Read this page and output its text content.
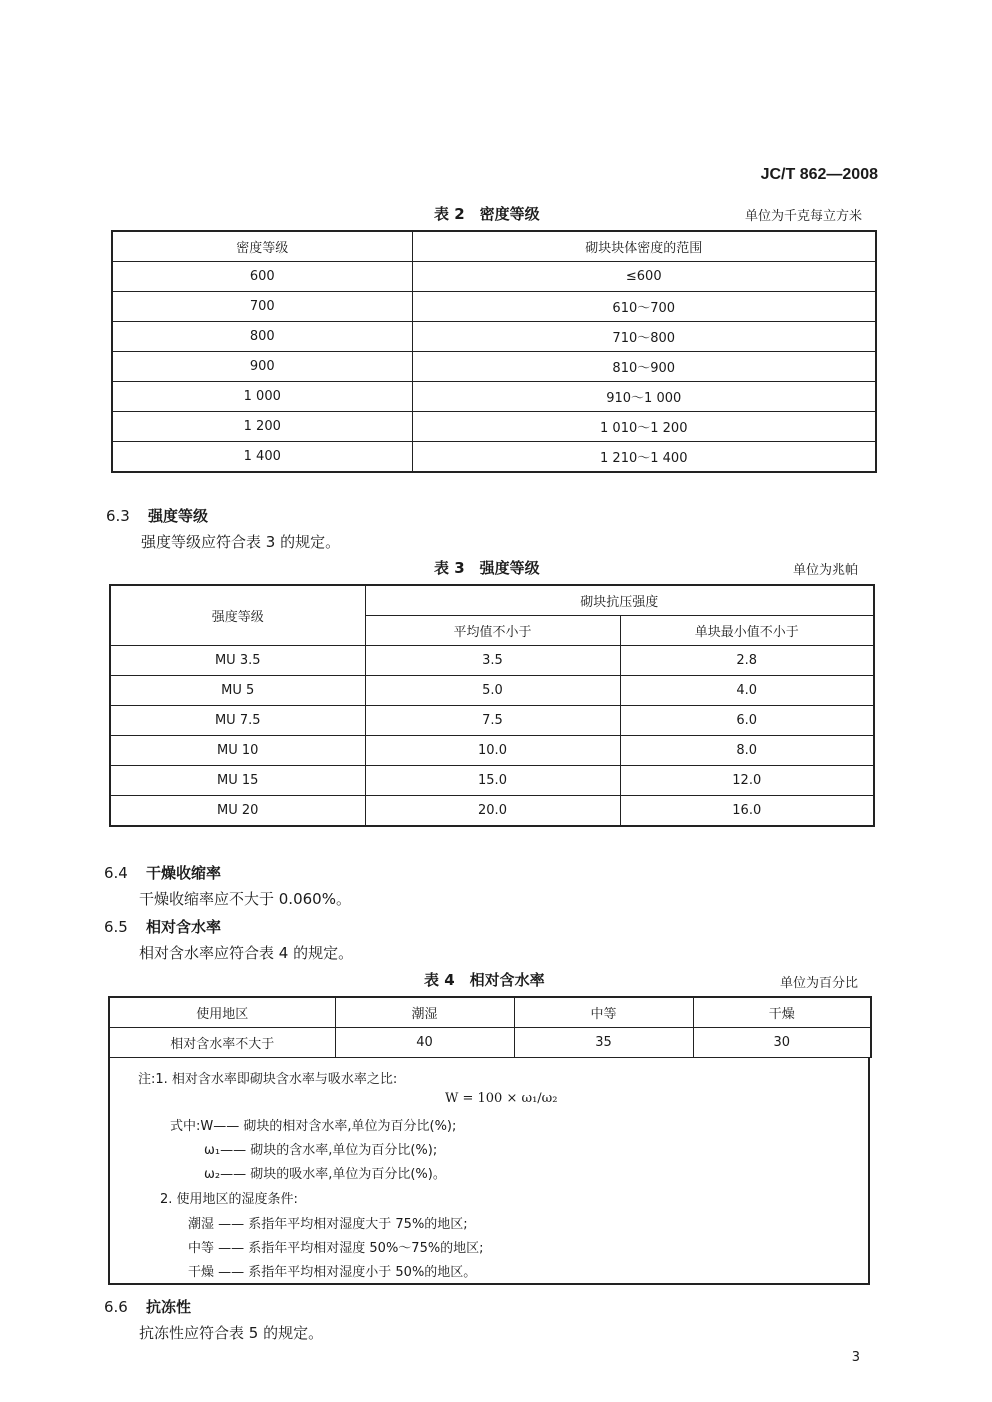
JC/T 862—2008
表 2　密度等级	单位为千克每立方米
密度等级	砌块块体密度的范围
600	≤600
700	610～700
800	710～800
900	810～900
1 000	910～1 000
1 200	1 010～1 200
1 400	1 210～1 400
6.3 强度等级
强度等级应符合表 3 的规定。
表 3　强度等级	单位为兆帕
强度等级	砌块抗压强度	
	平均值不小于	单块最小值不小于
MU 3.5	3.5	2.8
MU 5	5.0	4.0
MU 7.5	7.5	6.0
MU 10	10.0	8.0
MU 15	15.0	12.0
MU 20	20.0	16.0
6.4 干燥收缩率
干燥收缩率应不大于 0.060%。
6.5 相对含水率
相对含水率应符合表 4 的规定。
表 4　相对含水率	单位为百分比
使用地区	潮湿	中等	干燥
相对含水率不大于	40	35	30
注:1. 相对含水率即砌块含水率与吸水率之比:
W = 100 × ω₁/ω₂
式中:W—— 砌块的相对含水率,单位为百分比(%);
ω₁—— 砌块的含水率,单位为百分比(%);
ω₂—— 砌块的吸水率,单位为百分比(%)。
2. 使用地区的湿度条件:
潮湿 —— 系指年平均相对湿度大于 75%的地区;
中等 —— 系指年平均相对湿度 50%～75%的地区;
干燥 —— 系指年平均相对湿度小于 50%的地区。
6.6 抗冻性
抗冻性应符合表 5 的规定。
3
